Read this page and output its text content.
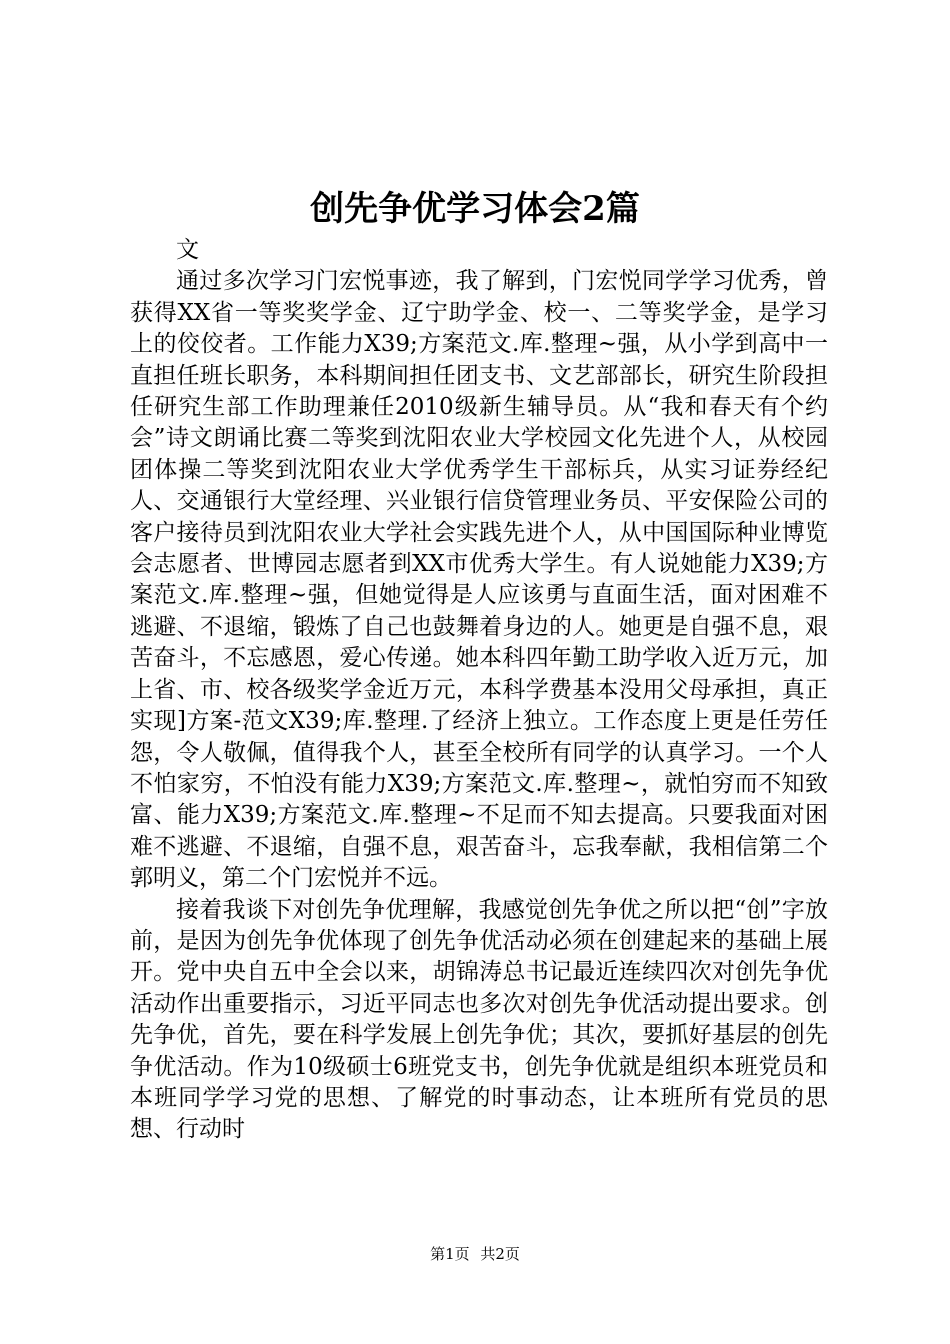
创先争优学习体会2篇

文

通过多次学习门宏悦事迹，我了解到，门宏悦同学学习优秀，曾获得XX省一等奖奖学金、辽宁助学金、校一、二等奖学金，是学习上的佼佼者。工作能力X39;方案范文.库.整理~强，从小学到高中一直担任班长职务，本科期间担任团支书、文艺部部长，研究生阶段担任研究生部工作助理兼任2010级新生辅导员。从“我和春天有个约会”诗文朗诵比赛二等奖到沈阳农业大学校园文化先进个人，从校园团体操二等奖到沈阳农业大学优秀学生干部标兵，从实习证券经纪人、交通银行大堂经理、兴业银行信贷管理业务员、平安保险公司的客户接待员到沈阳农业大学社会实践先进个人，从中国国际种业博览会志愿者、世博园志愿者到XX市优秀大学生。有人说她能力X39;方案范文.库.整理~强，但她觉得是人应该勇与直面生活，面对困难不逃避、不退缩，锻炼了自己也鼓舞着身边的人。她更是自强不息，艰苦奋斗，不忘感恩，爱心传递。她本科四年勤工助学收入近万元，加上省、市、校各级奖学金近万元，本科学费基本没用父母承担，真正实现]方案-范文X39;库.整理.了经济上独立。工作态度上更是任劳任怨，令人敬佩，值得我个人，甚至全校所有同学的认真学习。一个人不怕家穷，不怕没有能力X39;方案范文.库.整理~，就怕穷而不知致富、能力X39;方案范文.库.整理~不足而不知去提高。只要我面对困难不逃避、不退缩，自强不息，艰苦奋斗，忘我奉献，我相信第二个郭明义，第二个门宏悦并不远。

接着我谈下对创先争优理解，我感觉创先争优之所以把“创”字放前，是因为创先争优体现了创先争优活动必须在创建起来的基础上展开。党中央自五中全会以来，胡锦涛总书记最近连续四次对创先争优活动作出重要指示，习近平同志也多次对创先争优活动提出要求。创先争优，首先，要在科学发展上创先争优；其次，要抓好基层的创先争优活动。作为10级硕士6班党支书，创先争优就是组织本班党员和本班同学学习党的思想、了解党的时事动态，让本班所有党员的思想、行动时

第1页 共2页
